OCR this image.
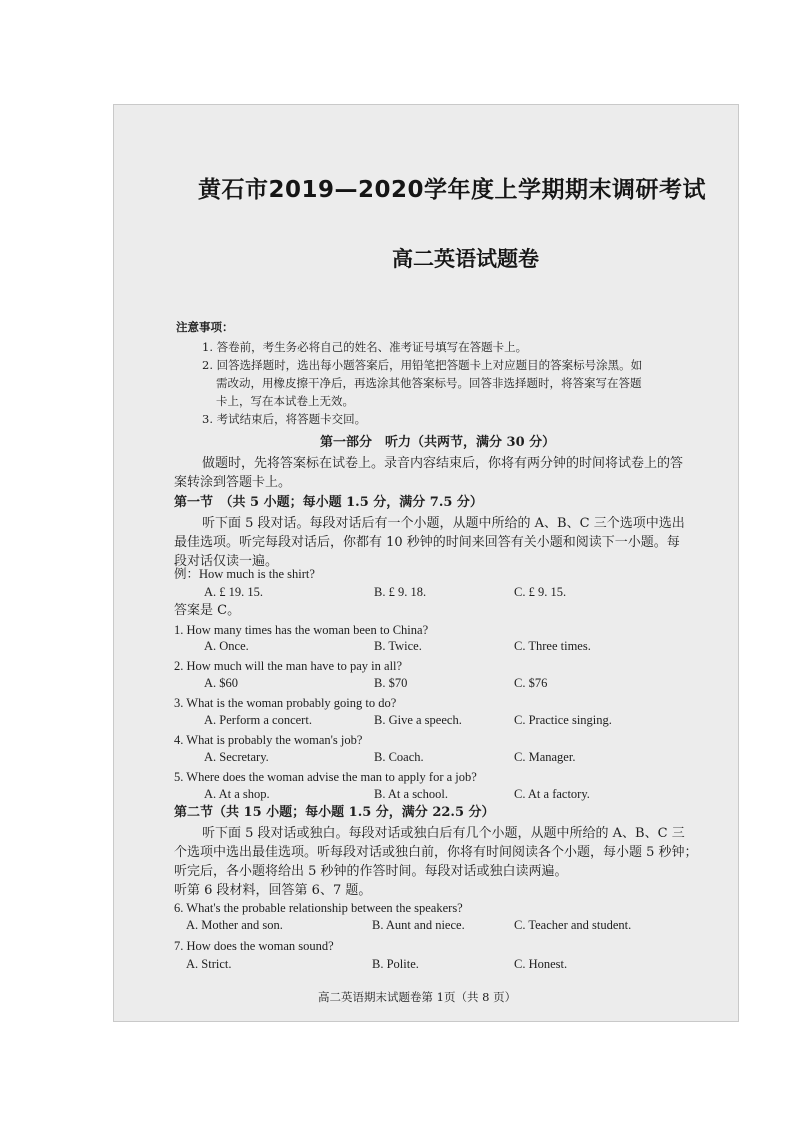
黄石市2019—2020学年度上学期期末调研考试
高二英语试题卷
注意事项：
1. 答卷前，考生务必将自己的姓名、准考证号填写在答题卡上。
2. 回答选择题时，选出每小题答案后，用铅笔把答题卡上对应题目的答案标号涂黑。如
需改动，用橡皮擦干净后，再选涂其他答案标号。回答非选择题时，将答案写在答题
卡上，写在本试卷上无效。
3. 考试结束后，将答题卡交回。
第一部分　听力（共两节，满分 30 分）
做题时，先将答案标在试卷上。录音内容结束后，你将有两分钟的时间将试卷上的答
案转涂到答题卡上。
第一节　（共 5 小题；每小题 1.5 分，满分 7.5 分）
听下面 5 段对话。每段对话后有一个小题，从题中所给的 A、B、C 三个选项中选出
最佳选项。听完每段对话后，你都有 10 秒钟的时间来回答有关小题和阅读下一小题。每
段对话仅读一遍。
例：How much is the shirt?
A. £ 19. 15.	B. £ 9. 18.	C. £ 9. 15.
答案是 C。
1. How many times has the woman been to China?
A. Once.	B. Twice.	C. Three times.
2. How much will the man have to pay in all?
A. $60	B. $70	C. $76
3. What is the woman probably going to do?
A. Perform a concert.	B. Give a speech.	C. Practice singing.
4. What is probably the woman's job?
A. Secretary.	B. Coach.	C. Manager.
5. Where does the woman advise the man to apply for a job?
A. At a shop.	B. At a school.	C. At a factory.
第二节（共 15 小题；每小题 1.5 分，满分 22.5 分）
听下面 5 段对话或独白。每段对话或独白后有几个小题，从题中所给的 A、B、C 三
个选项中选出最佳选项。听每段对话或独白前，你将有时间阅读各个小题，每小题 5 秒钟；
听完后，各小题将给出 5 秒钟的作答时间。每段对话或独白读两遍。
听第 6 段材料，回答第 6、7 题。
6. What's the probable relationship between the speakers?
A. Mother and son.	B. Aunt and niece.	C. Teacher and student.
7. How does the woman sound?
A. Strict.	B. Polite.	C. Honest.
高二英语期末试题卷第 1页（共 8 页）
